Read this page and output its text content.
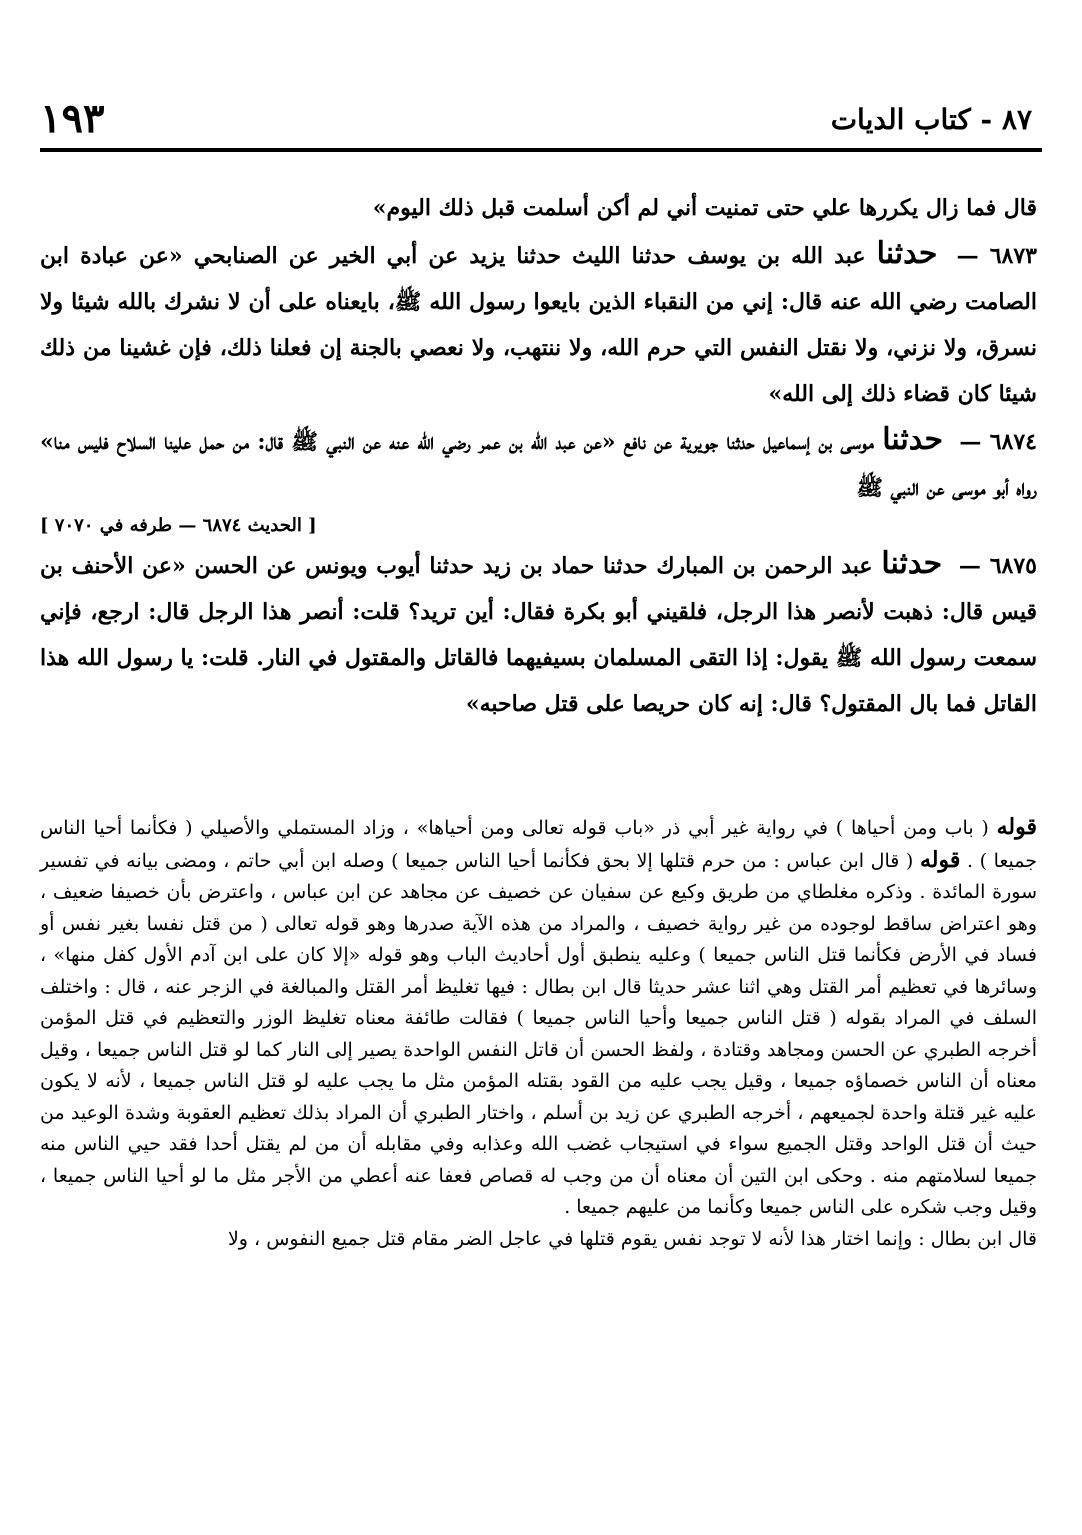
١٩٣	٨٧ - كتاب الديات

قال فما زال يكررها علي حتى تمنيت أني لم أكن أسلمت قبل ذلك اليوم»

٦٨٧٣ — حدثنا عبد الله بن يوسف حدثنا الليث حدثنا يزيد عن أبي الخير عن الصنابحي «عن عبادة ابن الصامت رضي الله عنه قال: إني من النقباء الذين بايعوا رسول الله ﷺ، بايعناه على أن لا نشرك بالله شيئا ولا نسرق، ولا نزني، ولا نقتل النفس التي حرم الله، ولا ننتهب، ولا نعصي بالجنة إن فعلنا ذلك، فإن غشينا من ذلك شيئا كان قضاء ذلك إلى الله»

٦٨٧٤ — حدثنا موسى بن إسماعيل حدثنا جويرية عن نافع «عن عبد الله بن عمر رضي الله عنه عن النبي ﷺ قال: من حمل علينا السلاح فليس منا» رواه أبو موسى عن النبي ﷺ

[ الحديث ٦٨٧٤ — طرفه في ٧٠٧٠ ]

٦٨٧٥ — حدثنا عبد الرحمن بن المبارك حدثنا حماد بن زيد حدثنا أيوب ويونس عن الحسن «عن الأحنف بن قيس قال: ذهبت لأنصر هذا الرجل، فلقيني أبو بكرة فقال: أين تريد؟ قلت: أنصر هذا الرجل قال: ارجع، فإني سمعت رسول الله ﷺ يقول: إذا التقى المسلمان بسيفيهما فالقاتل والمقتول في النار. قلت: يا رسول الله هذا القاتل فما بال المقتول؟ قال: إنه كان حريصا على قتل صاحبه»

قوله ( باب ومن أحياها ) في رواية غير أبي ذر «باب قوله تعالى ومن أحياها» ، وزاد المستملي والأصيلي ( فكأنما أحيا الناس جميعا ) . قوله ( قال ابن عباس : من حرم قتلها إلا بحق فكأنما أحيا الناس جميعا ) وصله ابن أبي حاتم ، ومضى بيانه في تفسير سورة المائدة . وذكره مغلطاي من طريق وكيع عن سفيان عن خصيف عن مجاهد عن ابن عباس ، واعترض بأن خصيفا ضعيف ، وهو اعتراض ساقط لوجوده من غير رواية خصيف ، والمراد من هذه الآية صدرها وهو قوله تعالى ( من قتل نفسا بغير نفس أو فساد في الأرض فكأنما قتل الناس جميعا ) وعليه ينطبق أول أحاديث الباب وهو قوله «إلا كان على ابن آدم الأول كفل منها» ، وسائرها في تعظيم أمر القتل وهي اثنا عشر حديثا قال ابن بطال : فيها تغليظ أمر القتل والمبالغة في الزجر عنه ، قال : واختلف السلف في المراد بقوله ( قتل الناس جميعا وأحيا الناس جميعا ) فقالت طائفة معناه تغليظ الوزر والتعظيم في قتل المؤمن أخرجه الطبري عن الحسن ومجاهد وقتادة ، ولفظ الحسن أن قاتل النفس الواحدة يصير إلى النار كما لو قتل الناس جميعا ، وقيل معناه أن الناس خصماؤه جميعا ، وقيل يجب عليه من القود بقتله المؤمن مثل ما يجب عليه لو قتل الناس جميعا ، لأنه لا يكون عليه غير قتلة واحدة لجميعهم ، أخرجه الطبري عن زيد بن أسلم ، واختار الطبري أن المراد بذلك تعظيم العقوبة وشدة الوعيد من حيث أن قتل الواحد وقتل الجميع سواء في استيجاب غضب الله وعذابه وفي مقابله أن من لم يقتل أحدا فقد حيي الناس منه جميعا لسلامتهم منه . وحكى ابن التين أن معناه أن من وجب له قصاص فعفا عنه أعطي من الأجر مثل ما لو أحيا الناس جميعا ، وقيل وجب شكره على الناس جميعا وكأنما من عليهم جميعا .

قال ابن بطال : وإنما اختار هذا لأنه لا توجد نفس يقوم قتلها في عاجل الضر مقام قتل جميع النفوس ، ولا
